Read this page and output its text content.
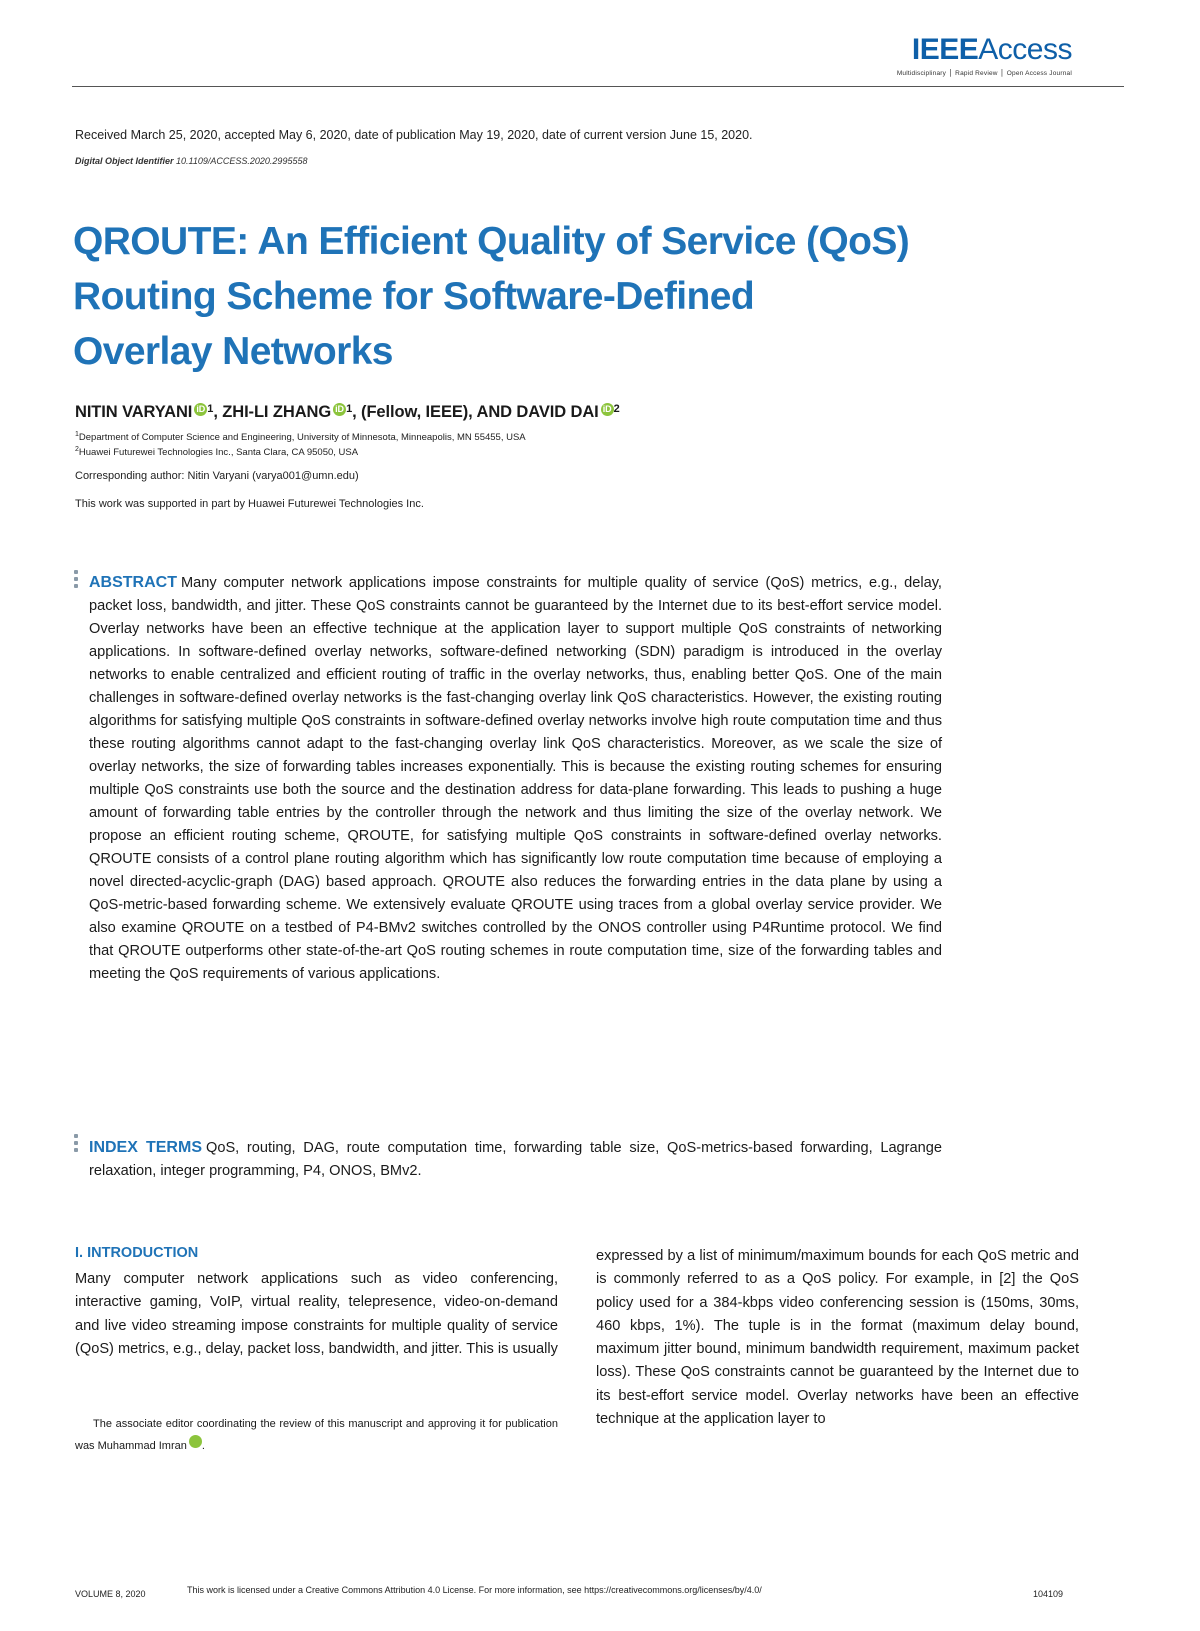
IEEEAccess
Multidisciplinary ⎪ Rapid Review ⎪ Open Access Journal
Received March 25, 2020, accepted May 6, 2020, date of publication May 19, 2020, date of current version June 15, 2020.
Digital Object Identifier 10.1109/ACCESS.2020.2995558
QROUTE: An Efficient Quality of Service (QoS)
Routing Scheme for Software-Defined
Overlay Networks
NITIN VARYANI iD $^1$, ZHI-LI ZHANG iD $^1$, (Fellow, IEEE), AND DAVID DAI iD $^2$
$^1$Department of Computer Science and Engineering, University of Minnesota, Minneapolis, MN 55455, USA
$^2$Huawei Futurewei Technologies Inc., Santa Clara, CA 95050, USA
Corresponding author: Nitin Varyani (varya001@umn.edu)
This work was supported in part by Huawei Futurewei Technologies Inc.
ABSTRACT Many computer network applications impose constraints for multiple quality of service (QoS) metrics, e.g., delay, packet loss, bandwidth, and jitter. These QoS constraints cannot be guaranteed by the Internet due to its best-effort service model. Overlay networks have been an effective technique at the application layer to support multiple QoS constraints of networking applications. In software-defined overlay networks, software-defined networking (SDN) paradigm is introduced in the overlay networks to enable centralized and efficient routing of traffic in the overlay networks, thus, enabling better QoS. One of the main challenges in software-defined overlay networks is the fast-changing overlay link QoS characteristics. However, the existing routing algorithms for satisfying multiple QoS constraints in software-defined overlay networks involve high route computation time and thus these routing algorithms cannot adapt to the fast-changing overlay link QoS characteristics. Moreover, as we scale the size of overlay networks, the size of forwarding tables increases exponentially. This is because the existing routing schemes for ensuring multiple QoS constraints use both the source and the destination address for data-plane forwarding. This leads to pushing a huge amount of forwarding table entries by the controller through the network and thus limiting the size of the overlay network. We propose an efficient routing scheme, QROUTE, for satisfying multiple QoS constraints in software-defined overlay networks. QROUTE consists of a control plane routing algorithm which has significantly low route computation time because of employing a novel directed-acyclic-graph (DAG) based approach. QROUTE also reduces the forwarding entries in the data plane by using a QoS-metric-based forwarding scheme. We extensively evaluate QROUTE using traces from a global overlay service provider. We also examine QROUTE on a testbed of P4-BMv2 switches controlled by the ONOS controller using P4Runtime protocol. We find that QROUTE outperforms other state-of-the-art QoS routing schemes in route computation time, size of the forwarding tables and meeting the QoS requirements of various applications.
INDEX TERMS QoS, routing, DAG, route computation time, forwarding table size, QoS-metrics-based forwarding, Lagrange relaxation, integer programming, P4, ONOS, BMv2.
I. INTRODUCTION
Many computer network applications such as video conferencing, interactive gaming, VoIP, virtual reality, telepresence, video-on-demand and live video streaming impose constraints for multiple quality of service (QoS) metrics, e.g., delay, packet loss, bandwidth, and jitter. This is usually
The associate editor coordinating the review of this manuscript and approving it for publication was Muhammad Imran iD.
expressed by a list of minimum/maximum bounds for each QoS metric and is commonly referred to as a QoS policy. For example, in [2] the QoS policy used for a 384-kbps video conferencing session is (150ms, 30ms, 460 kbps, 1%). The tuple is in the format (maximum delay bound, maximum jitter bound, minimum bandwidth requirement, maximum packet loss). These QoS constraints cannot be guaranteed by the Internet due to its best-effort service model. Overlay networks have been an effective technique at the application layer to
VOLUME 8, 2020	This work is licensed under a Creative Commons Attribution 4.0 License. For more information, see https://creativecommons.org/licenses/by/4.0/	104109
